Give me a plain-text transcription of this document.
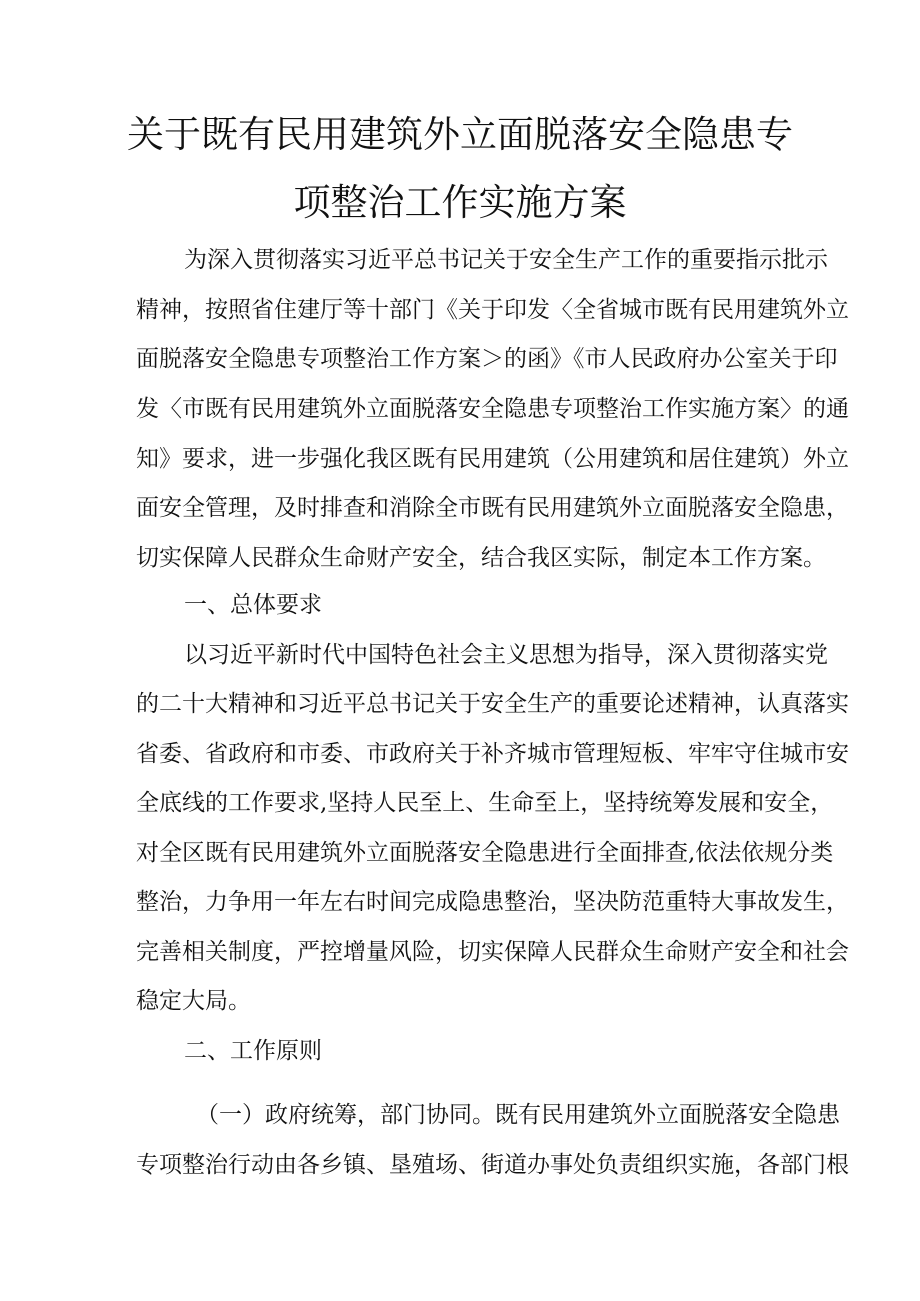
关于既有民用建筑外立面脱落安全隐患专
项整治工作实施方案
为深入贯彻落实习近平总书记关于安全生产工作的重要指示批示
精神，按照省住建厅等十部门《关于印发〈全省城市既有民用建筑外立
面脱落安全隐患专项整治工作方案＞的函》《市人民政府办公室关于印
发〈市既有民用建筑外立面脱落安全隐患专项整治工作实施方案〉的通
知》要求，进一步强化我区既有民用建筑（公用建筑和居住建筑）外立
面安全管理，及时排查和消除全市既有民用建筑外立面脱落安全隐患，
切实保障人民群众生命财产安全，结合我区实际，制定本工作方案。
一、总体要求
以习近平新时代中国特色社会主义思想为指导，深入贯彻落实党
的二十大精神和习近平总书记关于安全生产的重要论述精神，认真落实
省委、省政府和市委、市政府关于补齐城市管理短板、牢牢守住城市安
全底线的工作要求,坚持人民至上、生命至上，坚持统筹发展和安全，
对全区既有民用建筑外立面脱落安全隐患进行全面排查,依法依规分类
整治，力争用一年左右时间完成隐患整治，坚决防范重特大事故发生，
完善相关制度，严控增量风险，切实保障人民群众生命财产安全和社会
稳定大局。
二、工作原则
（一）政府统筹，部门协同。既有民用建筑外立面脱落安全隐患
专项整治行动由各乡镇、垦殖场、街道办事处负责组织实施，各部门根
